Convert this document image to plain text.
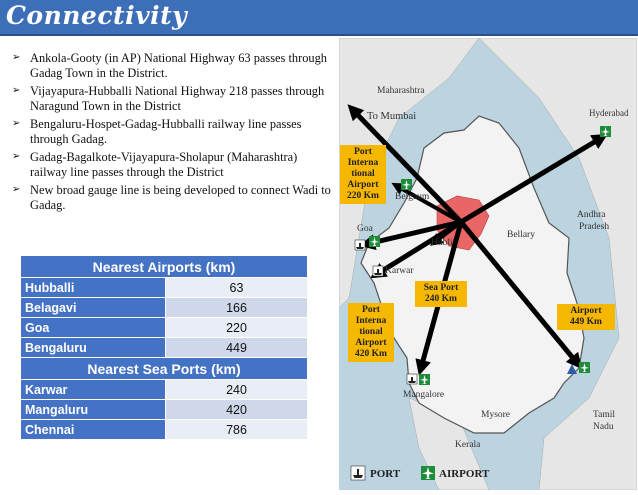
Connectivity
➢ Ankola-Gooty (in AP) National Highway 63 passes through Gadag Town in the District.
➢ Vijayapura-Hubballi National Highway 218 passes through Naragund Town in the District
➢ Bengaluru-Hospet-Gadag-Hubballi railway line passes through Gadag.
➢ Gadag-Bagalkote-Vijayapura-Sholapur (Maharashtra) railway line passes through the District
➢ New broad gauge line is being developed to connect Wadi to Gadag.
Nearest Airports (km)	
Hubballi	63
Belagavi	166
Goa	220
Bengaluru	449
Nearest Sea Ports (km)	
Karwar	240
Mangaluru	420
Chennai	786
Maharashtra
To Mumbai	Hyderabad
Belgaum
Goa
Hubli
Bellary
Andhra
Pradesh
Karwar
Mangalore
Mysore	Tamil
Nadu
Kerala
Port
Interna
tional
Airport
220 Km
Sea Port
240 Km
Port
Interna
tional
Airport
420 Km
Airport
449 Km
PORT	AIRPORT
